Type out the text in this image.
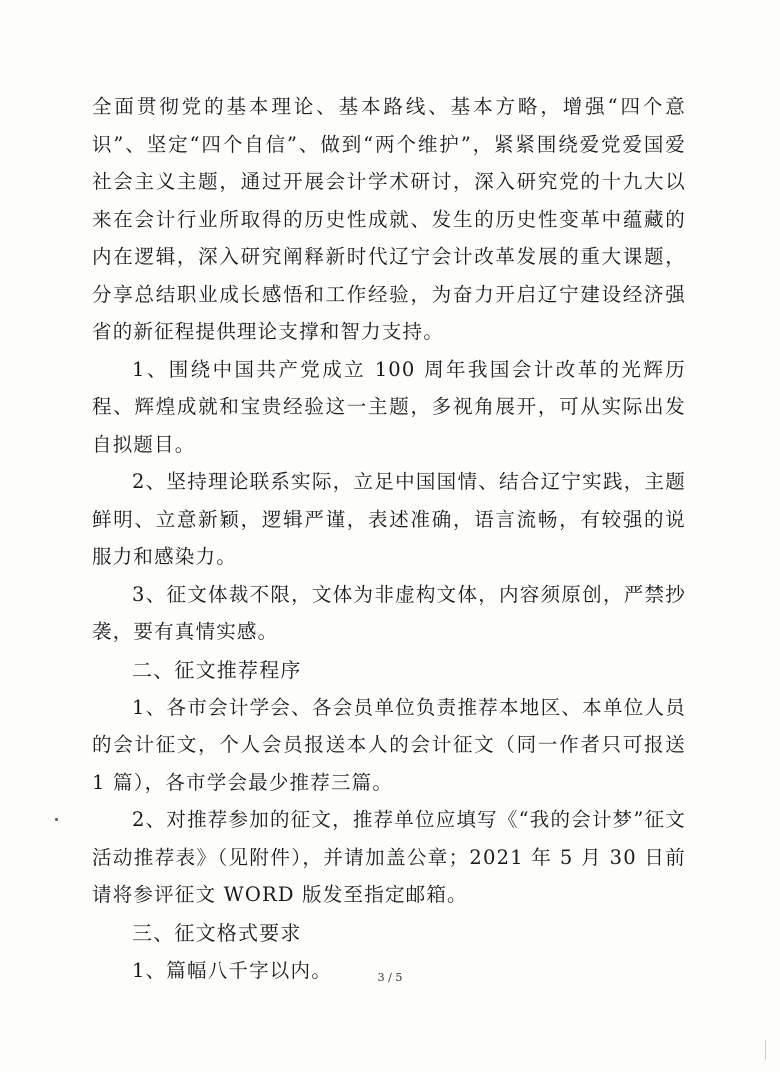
全面贯彻党的基本理论、基本路线、基本方略，增强“四个意识”、坚定“四个自信”、做到“两个维护”，紧紧围绕爱党爱国爱社会主义主题，通过开展会计学术研讨，深入研究党的十九大以来在会计行业所取得的历史性成就、发生的历史性变革中蕴藏的内在逻辑，深入研究阐释新时代辽宁会计改革发展的重大课题，分享总结职业成长感悟和工作经验，为奋力开启辽宁建设经济强省的新征程提供理论支撑和智力支持。

1、围绕中国共产党成立 100 周年我国会计改革的光辉历程、辉煌成就和宝贵经验这一主题，多视角展开，可从实际出发自拟题目。

2、坚持理论联系实际，立足中国国情、结合辽宁实践，主题鲜明、立意新颖，逻辑严谨，表述准确，语言流畅，有较强的说服力和感染力。

3、征文体裁不限，文体为非虚构文体，内容须原创，严禁抄袭，要有真情实感。

二、征文推荐程序

1、各市会计学会、各会员单位负责推荐本地区、本单位人员的会计征文，个人会员报送本人的会计征文（同一作者只可报送 1 篇），各市学会最少推荐三篇。

2、对推荐参加的征文，推荐单位应填写《“我的会计梦”征文活动推荐表》（见附件），并请加盖公章；2021 年 5 月 30 日前请将参评征文 WORD 版发至指定邮箱。

三、征文格式要求

1、篇幅八千字以内。	3 / 5
